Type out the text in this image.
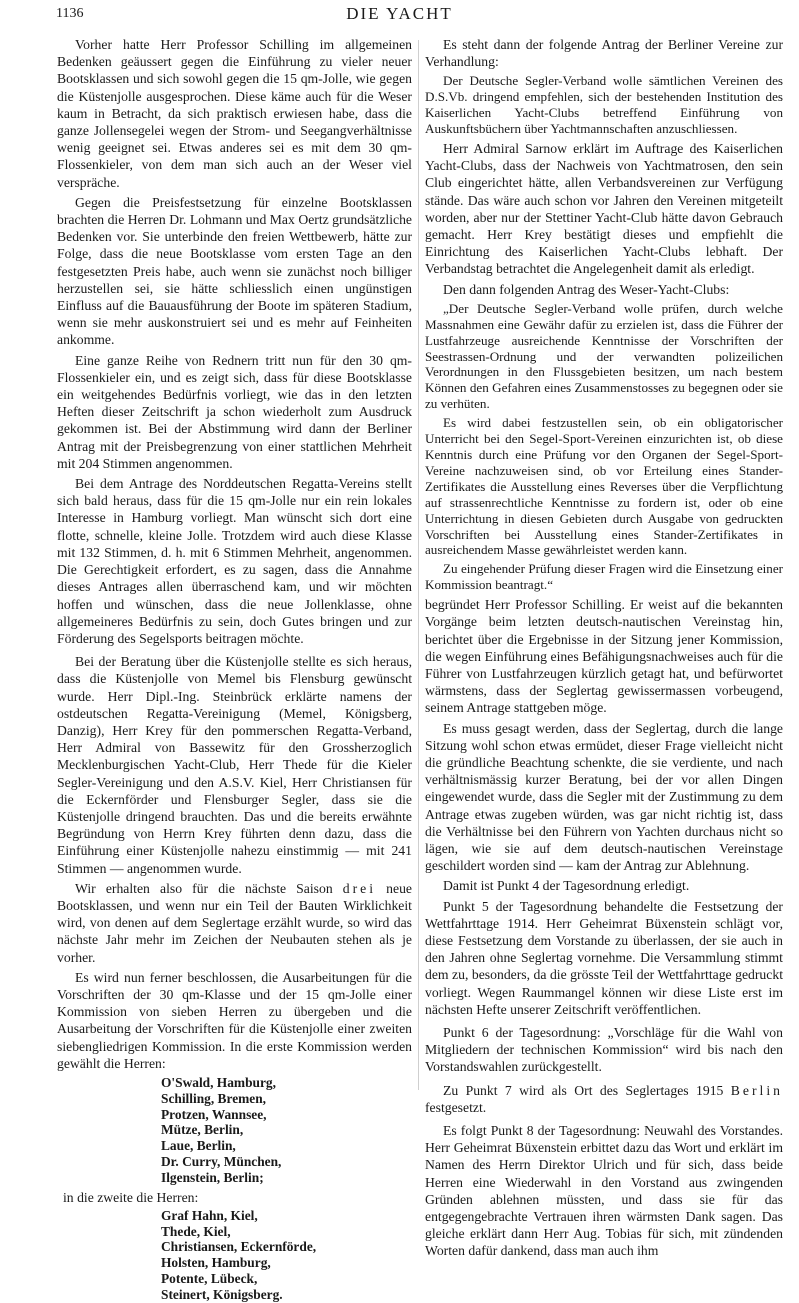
1136	DIE YACHT

Vorher hatte Herr Professor Schilling im allgemeinen Bedenken geäussert gegen die Einführung zu vieler neuer Bootsklassen und sich sowohl gegen die 15 qm-Jolle, wie gegen die Küstenjolle ausgesprochen. Diese käme auch für die Weser kaum in Betracht, da sich praktisch erwiesen habe, dass die ganze Jollensegelei wegen der Strom- und Seegangverhältnisse wenig geeignet sei. Etwas anderes sei es mit dem 30 qm-Flossenkieler, von dem man sich auch an der Weser viel verspräche.

Gegen die Preisfestsetzung für einzelne Bootsklassen brachten die Herren Dr. Lohmann und Max Oertz grundsätzliche Bedenken vor. Sie unterbinde den freien Wettbewerb, hätte zur Folge, dass die neue Bootsklasse vom ersten Tage an den festgesetzten Preis habe, auch wenn sie zunächst noch billiger herzustellen sei, sie hätte schliesslich einen ungünstigen Einfluss auf die Bauausführung der Boote im späteren Stadium, wenn sie mehr auskonstruiert sei und es mehr auf Feinheiten ankomme.

Eine ganze Reihe von Rednern tritt nun für den 30 qm-Flossenkieler ein, und es zeigt sich, dass für diese Bootsklasse ein weitgehendes Bedürfnis vorliegt, wie das in den letzten Heften dieser Zeitschrift ja schon wiederholt zum Ausdruck gekommen ist. Bei der Abstimmung wird dann der Berliner Antrag mit der Preisbegrenzung von einer stattlichen Mehrheit mit 204 Stimmen angenommen.

Bei dem Antrage des Norddeutschen Regatta-Vereins stellt sich bald heraus, dass für die 15 qm-Jolle nur ein rein lokales Interesse in Hamburg vorliegt. Man wünscht sich dort eine flotte, schnelle, kleine Jolle. Trotzdem wird auch diese Klasse mit 132 Stimmen, d. h. mit 6 Stimmen Mehrheit, angenommen. Die Gerechtigkeit erfordert, es zu sagen, dass die Annahme dieses Antrages allen überraschend kam, und wir möchten hoffen und wünschen, dass die neue Jollenklasse, ohne allgemeineres Bedürfnis zu sein, doch Gutes bringen und zur Förderung des Segelsports beitragen möchte.

Bei der Beratung über die Küstenjolle stellte es sich heraus, dass die Küstenjolle von Memel bis Flensburg gewünscht wurde. Herr Dipl.-Ing. Steinbrück erklärte namens der ostdeutschen Regatta-Vereinigung (Memel, Königsberg, Danzig), Herr Krey für den pommerschen Regatta-Verband, Herr Admiral von Bassewitz für den Grossherzoglich Mecklenburgischen Yacht-Club, Herr Thede für die Kieler Segler-Vereinigung und den A.S.V. Kiel, Herr Christiansen für die Eckernförder und Flensburger Segler, dass sie die Küstenjolle dringend brauchten. Das und die bereits erwähnte Begründung von Herrn Krey führten denn dazu, dass die Einführung einer Küstenjolle nahezu einstimmig — mit 241 Stimmen — angenommen wurde.

Wir erhalten also für die nächste Saison drei neue Bootsklassen, und wenn nur ein Teil der Bauten Wirklichkeit wird, von denen auf dem Seglertage erzählt wurde, so wird das nächste Jahr mehr im Zeichen der Neubauten stehen als je vorher.

Es wird nun ferner beschlossen, die Ausarbeitungen für die Vorschriften der 30 qm-Klasse und der 15 qm-Jolle einer Kommission von sieben Herren zu übergeben und die Ausarbeitung der Vorschriften für die Küstenjolle einer zweiten siebengliedrigen Kommission. In die erste Kommission werden gewählt die Herren:

O'Swald, Hamburg,
Schilling, Bremen,
Protzen, Wannsee,
Mütze, Berlin,
Laue, Berlin,
Dr. Curry, München,
Ilgenstein, Berlin;
in die zweite die Herren:
Graf Hahn, Kiel,
Thede, Kiel,
Christiansen, Eckernförde,
Holsten, Hamburg,
Potente, Lübeck,
Steinert, Königsberg.

Es steht dann der folgende Antrag der Berliner Vereine zur Verhandlung:

Der Deutsche Segler-Verband wolle sämtlichen Vereinen des D.S.Vb. dringend empfehlen, sich der bestehenden Institution des Kaiserlichen Yacht-Clubs betreffend Einführung von Auskunftsbüchern über Yachtmannschaften anzuschliessen.

Herr Admiral Sarnow erklärt im Auftrage des Kaiserlichen Yacht-Clubs, dass der Nachweis von Yachtmatrosen, den sein Club eingerichtet hätte, allen Verbandsvereinen zur Verfügung stände. Das wäre auch schon vor Jahren den Vereinen mitgeteilt worden, aber nur der Stettiner Yacht-Club hätte davon Gebrauch gemacht. Herr Krey bestätigt dieses und empfiehlt die Einrichtung des Kaiserlichen Yacht-Clubs lebhaft. Der Verbandstag betrachtet die Angelegenheit damit als erledigt.

Den dann folgenden Antrag des Weser-Yacht-Clubs:

„Der Deutsche Segler-Verband wolle prüfen, durch welche Massnahmen eine Gewähr dafür zu erzielen ist, dass die Führer der Lustfahrzeuge ausreichende Kenntnisse der Vorschriften der Seestrassen-Ordnung und der verwandten polizeilichen Verordnungen in den Flussgebieten besitzen, um nach bestem Können den Gefahren eines Zusammenstosses zu begegnen oder sie zu verhüten.

Es wird dabei festzustellen sein, ob ein obligatorischer Unterricht bei den Segel-Sport-Vereinen einzurichten ist, ob diese Kenntnis durch eine Prüfung vor den Organen der Segel-Sport-Vereine nachzuweisen sind, ob vor Erteilung eines Stander-Zertifikates die Ausstellung eines Reverses über die Verpflichtung auf strassenrechtliche Kenntnisse zu fordern ist, oder ob eine Unterrichtung in diesen Gebieten durch Ausgabe von gedruckten Vorschriften bei Ausstellung eines Stander-Zertifikates in ausreichendem Masse gewährleistet werden kann.

Zu eingehender Prüfung dieser Fragen wird die Einsetzung einer Kommission beantragt.“

begründet Herr Professor Schilling. Er weist auf die bekannten Vorgänge beim letzten deutsch-nautischen Vereinstag hin, berichtet über die Ergebnisse in der Sitzung jener Kommission, die wegen Einführung eines Befähigungsnachweises auch für die Führer von Lustfahrzeugen kürzlich getagt hat, und befürwortet wärmstens, dass der Seglertag gewissermassen vorbeugend, seinem Antrage stattgeben möge.

Es muss gesagt werden, dass der Seglertag, durch die lange Sitzung wohl schon etwas ermüdet, dieser Frage vielleicht nicht die gründliche Beachtung schenkte, die sie verdiente, und nach verhältnismässig kurzer Beratung, bei der vor allen Dingen eingewendet wurde, dass die Segler mit der Zustimmung zu dem Antrage etwas zugeben würden, was gar nicht richtig ist, dass die Verhältnisse bei den Führern von Yachten durchaus nicht so lägen, wie sie auf dem deutsch-nautischen Vereinstage geschildert worden sind — kam der Antrag zur Ablehnung.

Damit ist Punkt 4 der Tagesordnung erledigt.

Punkt 5 der Tagesordnung behandelte die Festsetzung der Wettfahrttage 1914. Herr Geheimrat Büxenstein schlägt vor, diese Festsetzung dem Vorstande zu überlassen, der sie auch in den Jahren ohne Seglertag vornehme. Die Versammlung stimmt dem zu, besonders, da die grösste Teil der Wettfahrttage gedruckt vorliegt. Wegen Raummangel können wir diese Liste erst im nächsten Hefte unserer Zeitschrift veröffentlichen.

Punkt 6 der Tagesordnung: „Vorschläge für die Wahl von Mitgliedern der technischen Kommission“ wird bis nach den Vorstandswahlen zurückgestellt.

Zu Punkt 7 wird als Ort des Seglertages 1915 Berlin festgesetzt.

Es folgt Punkt 8 der Tagesordnung: Neuwahl des Vorstandes. Herr Geheimrat Büxenstein erbittet dazu das Wort und erklärt im Namen des Herrn Direktor Ulrich und für sich, dass beide Herren eine Wiederwahl in den Vorstand aus zwingenden Gründen ablehnen müssten, und dass sie für das entgegengebrachte Vertrauen ihren wärmsten Dank sagen. Das gleiche erklärt dann Herr Aug. Tobias für sich, mit zündenden Worten dafür dankend, dass man auch ihm
